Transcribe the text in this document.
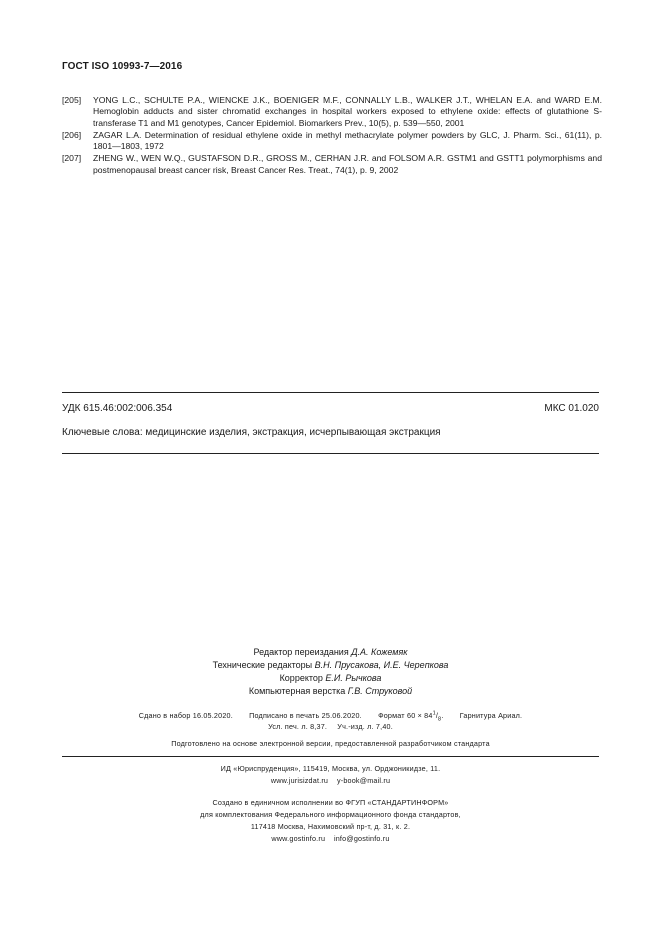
ГОСТ ISO 10993-7—2016
[205] YONG L.C., SCHULTE P.A., WIENCKE J.K., BOENIGER M.F., CONNALLY L.B., WALKER J.T., WHELAN E.A. and WARD E.M. Hemoglobin adducts and sister chromatid exchanges in hospital workers exposed to ethylene oxide: effects of glutathione S-transferase T1 and M1 genotypes, Cancer Epidemiol. Biomarkers Prev., 10(5), p. 539—550, 2001
[206] ZAGAR L.A. Determination of residual ethylene oxide in methyl methacrylate polymer powders by GLC, J. Pharm. Sci., 61(11), p. 1801—1803, 1972
[207] ZHENG W., WEN W.Q., GUSTAFSON D.R., GROSS M., CERHAN J.R. and FOLSOM A.R. GSTM1 and GSTT1 polymorphisms and postmenopausal breast cancer risk, Breast Cancer Res. Treat., 74(1), p. 9, 2002
УДК 615.46:002:006.354	МКС 01.020
Ключевые слова: медицинские изделия, экстракция, исчерпывающая экстракция
Редактор переиздания Д.А. Кожемяк
Технические редакторы В.Н. Прусакова, И.Е. Черепкова
Корректор Е.И. Рычкова
Компьютерная верстка Г.В. Струковой
Сдано в набор 16.05.2020. Подписано в печать 25.06.2020. Формат $60 \times 84^1/_8$. Гарнитура Ариал.
Усл. печ. л. 8,37. Уч.-изд. л. 7,40.
Подготовлено на основе электронной версии, предоставленной разработчиком стандарта
ИД «Юриспруденция», 115419, Москва, ул. Орджоникидзе, 11.
www.jurisizdat.ru y-book@mail.ru
Создано в единичном исполнении во ФГУП «СТАНДАРТИНФОРМ»
для комплектования Федерального информационного фонда стандартов,
117418 Москва, Нахимовский пр-т, д. 31, к. 2.
www.gostinfo.ru info@gostinfo.ru
